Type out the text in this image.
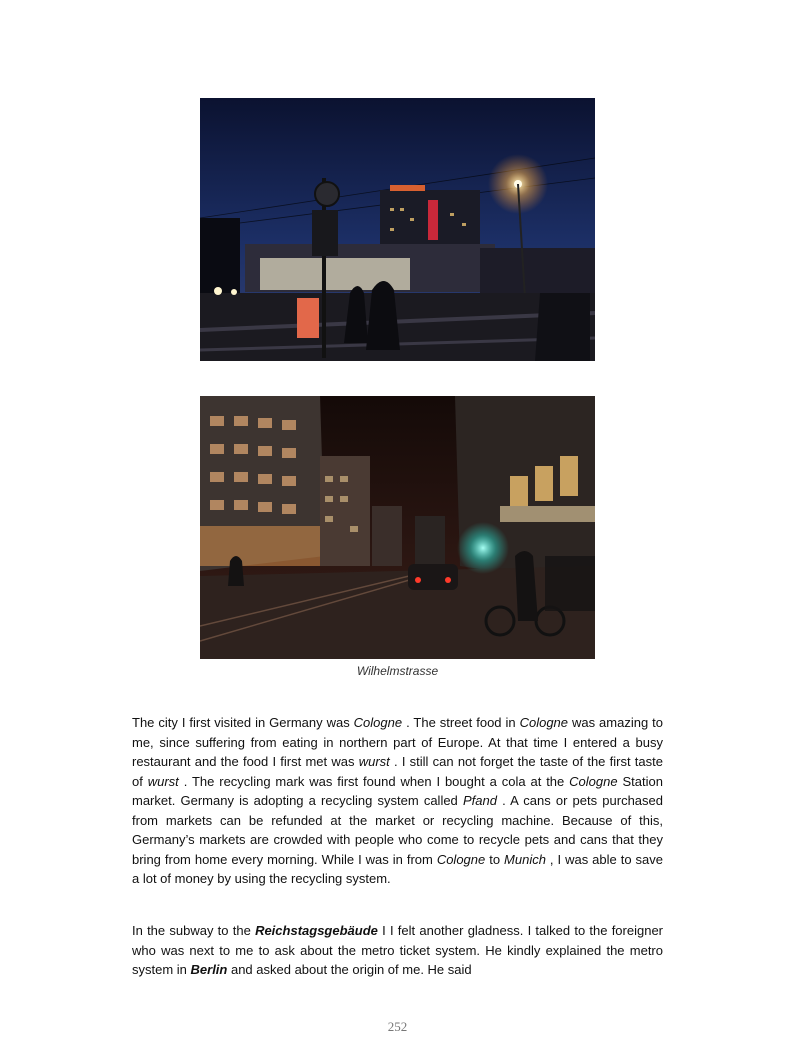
Wilhelmstrasse

The city I first visited in Germany was Cologne . The street food in Cologne was amazing to me, since suffering from eating in northern part of Europe. At that time I entered a busy restaurant and the food I first met was wurst . I still can not forget the taste of the first taste of wurst . The recycling mark was first found when I bought a cola at the Cologne Station market. Germany is adopting a recycling system called Pfand . A cans or pets purchased from markets can be refunded at the market or recycling machine. Because of this, Germany’s markets are crowded with people who come to recycle pets and cans that they bring from home every morning. While I was in from Cologne to Munich , I was able to save a lot of money by using the recycling system.

In the subway to the Reichstagsgebäude I I felt another gladness. I talked to the foreigner who was next to me to ask about the metro ticket system. He kindly explained the metro system in Berlin and asked about the origin of me. He said

252
